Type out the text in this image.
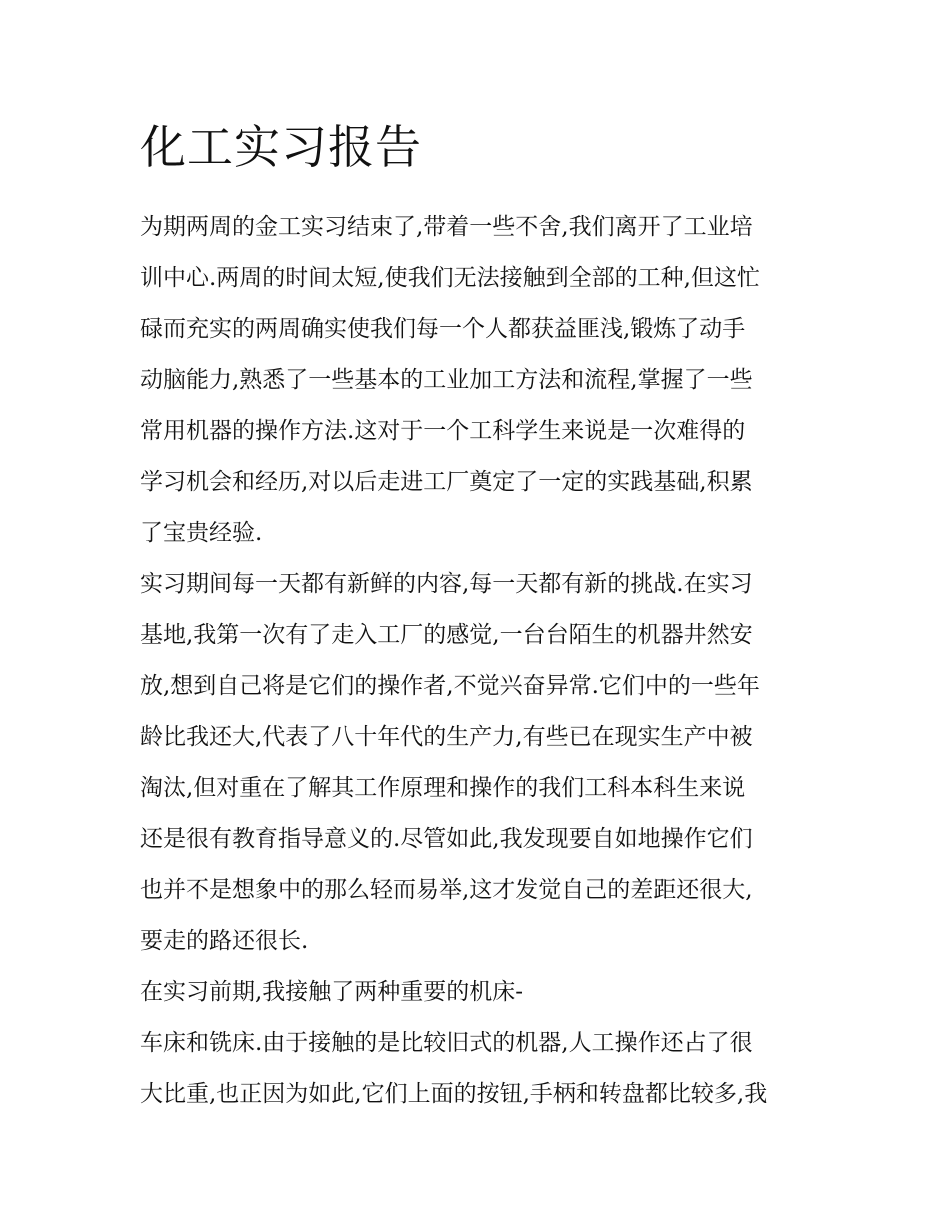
化工实习报告

为期两周的金工实习结束了,带着一些不舍,我们离开了工业培

训中心.两周的时间太短,使我们无法接触到全部的工种,但这忙

碌而充实的两周确实使我们每一个人都获益匪浅,锻炼了动手

动脑能力,熟悉了一些基本的工业加工方法和流程,掌握了一些

常用机器的操作方法.这对于一个工科学生来说是一次难得的

学习机会和经历,对以后走进工厂奠定了一定的实践基础,积累

了宝贵经验.

实习期间每一天都有新鲜的内容,每一天都有新的挑战.在实习

基地,我第一次有了走入工厂的感觉,一台台陌生的机器井然安

放,想到自己将是它们的操作者,不觉兴奋异常.它们中的一些年

龄比我还大,代表了八十年代的生产力,有些已在现实生产中被

淘汰,但对重在了解其工作原理和操作的我们工科本科生来说

还是很有教育指导意义的.尽管如此,我发现要自如地操作它们

也并不是想象中的那么轻而易举,这才发觉自己的差距还很大,

要走的路还很长.

在实习前期,我接触了两种重要的机床-

车床和铣床.由于接触的是比较旧式的机器,人工操作还占了很

大比重,也正因为如此,它们上面的按钮,手柄和转盘都比较多,我
